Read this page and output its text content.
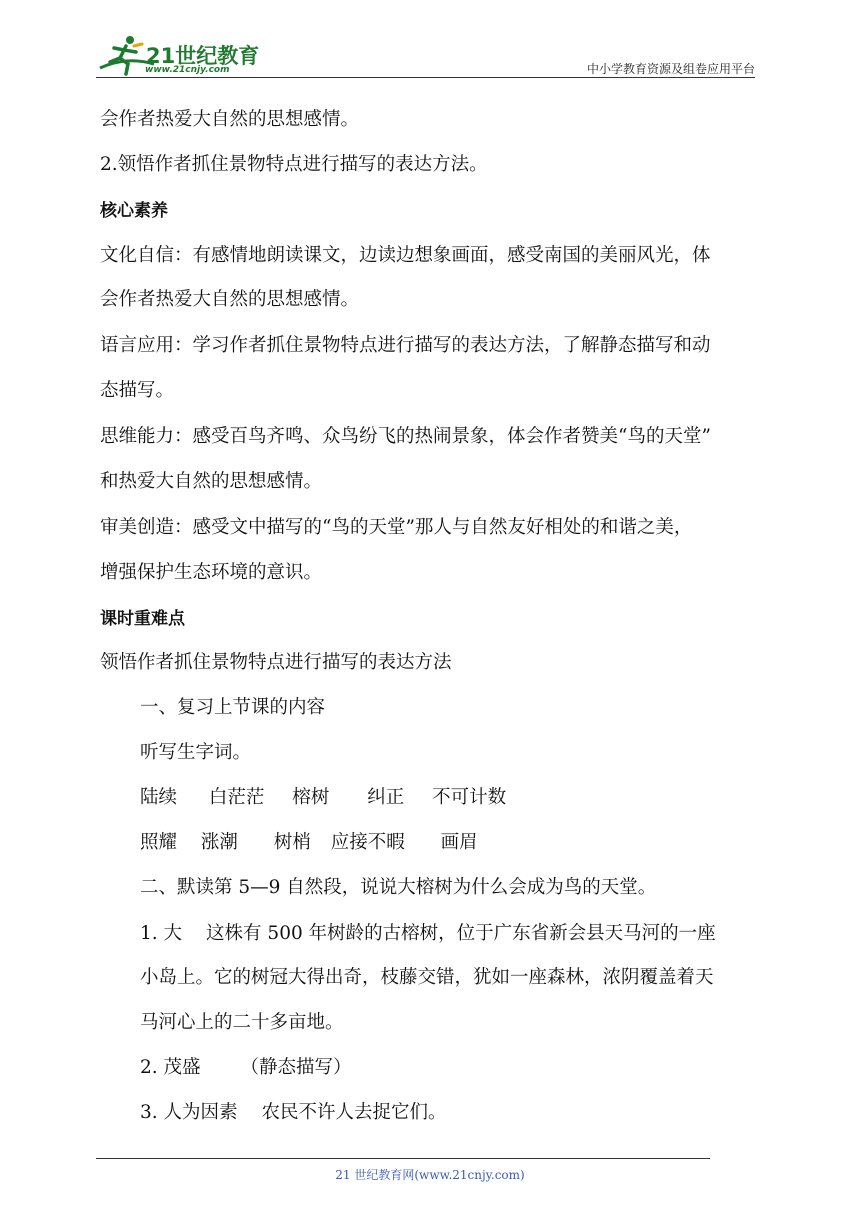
21世纪教育
www.21cnjy.com	中小学教育资源及组卷应用平台
会作者热爱大自然的思想感情。
2.领悟作者抓住景物特点进行描写的表达方法。
核心素养
文化自信：有感情地朗读课文，边读边想象画面，感受南国的美丽风光，体
会作者热爱大自然的思想感情。
语言应用：学习作者抓住景物特点进行描写的表达方法，了解静态描写和动
态描写。
思维能力：感受百鸟齐鸣、众鸟纷飞的热闹景象，体会作者赞美“鸟的天堂”
和热爱大自然的思想感情。
审美创造：感受文中描写的“鸟的天堂”那人与自然友好相处的和谐之美，
增强保护生态环境的意识。
课时重难点
领悟作者抓住景物特点进行描写的表达方法
一、复习上节课的内容
听写生字词。
陆续 白茫茫 榕树 纠正 不可计数
照耀 涨潮 树梢 应接不暇 画眉
二、默读第 5—9 自然段，说说大榕树为什么会成为鸟的天堂。
1. 大 这株有 500 年树龄的古榕树，位于广东省新会县天马河的一座
小岛上。它的树冠大得出奇，枝藤交错，犹如一座森林，浓阴覆盖着天
马河心上的二十多亩地。
2. 茂盛 （静态描写）
3. 人为因素 农民不许人去捉它们。
21 世纪教育网(www.21cnjy.com)
